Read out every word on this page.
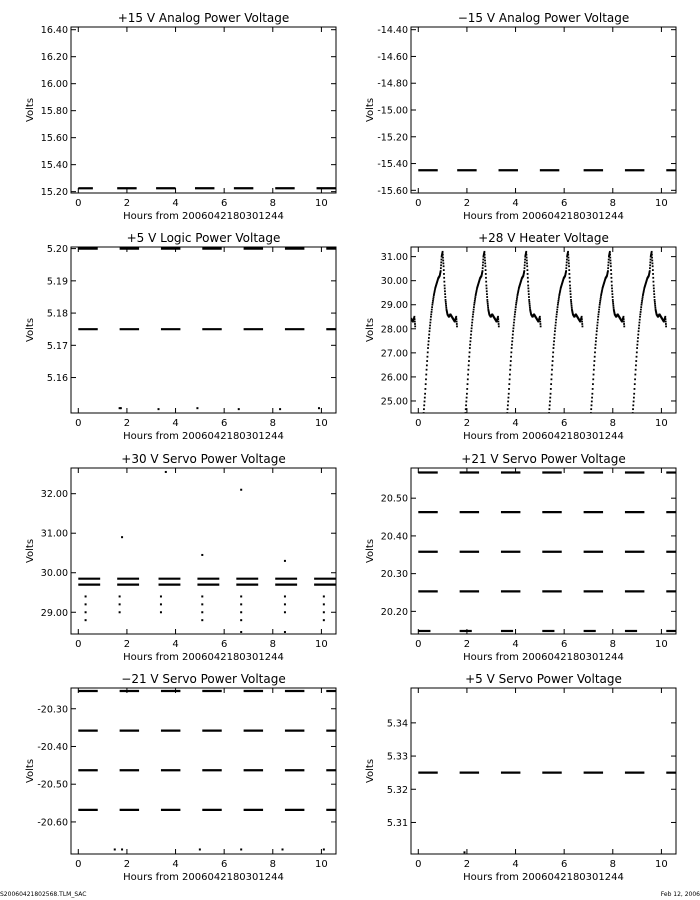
+15 V Analog Power Voltage
Hours from 20060421803012​44
Volts
0	2	4	6	8	10
15.20
15.40
15.60
15.80
16.00
16.20
16.40
−15 V Analog Power Voltage
Hours from 20060421803012​44
Volts
0	2	4	6	8	10
-14.40
-14.60
-14.80
-15.00
-15.20
-15.40
-15.60
+5 V Logic Power Voltage
Hours from 20060421803012​44
Volts
0	2	4	6	8	10
5.16
5.17
5.18
5.19
5.20
+28 V Heater Voltage
Hours from 20060421803012​44
Volts
0	2	4	6	8	10
25.00
26.00
27.00
28.00
29.00
30.00
31.00
+30 V Servo Power Voltage
Hours from 20060421803012​44
Volts
0	2	4	6	8	10
29.00
30.00
31.00
32.00
+21 V Servo Power Voltage
Hours from 20060421803012​44
Volts
0	2	4	6	8	10
20.20
20.30
20.40
20.50
−21 V Servo Power Voltage
Hours from 20060421803012​44
Volts
0	2	4	6	8	10
-20.30
-20.40
-20.50
-20.60
+5 V Servo Power Voltage
Hours from 20060421803012​44
Volts
0	2	4	6	8	10
5.31
5.32
5.33
5.34
S20060421802568.TLM_SAC	Feb 12, 2006
